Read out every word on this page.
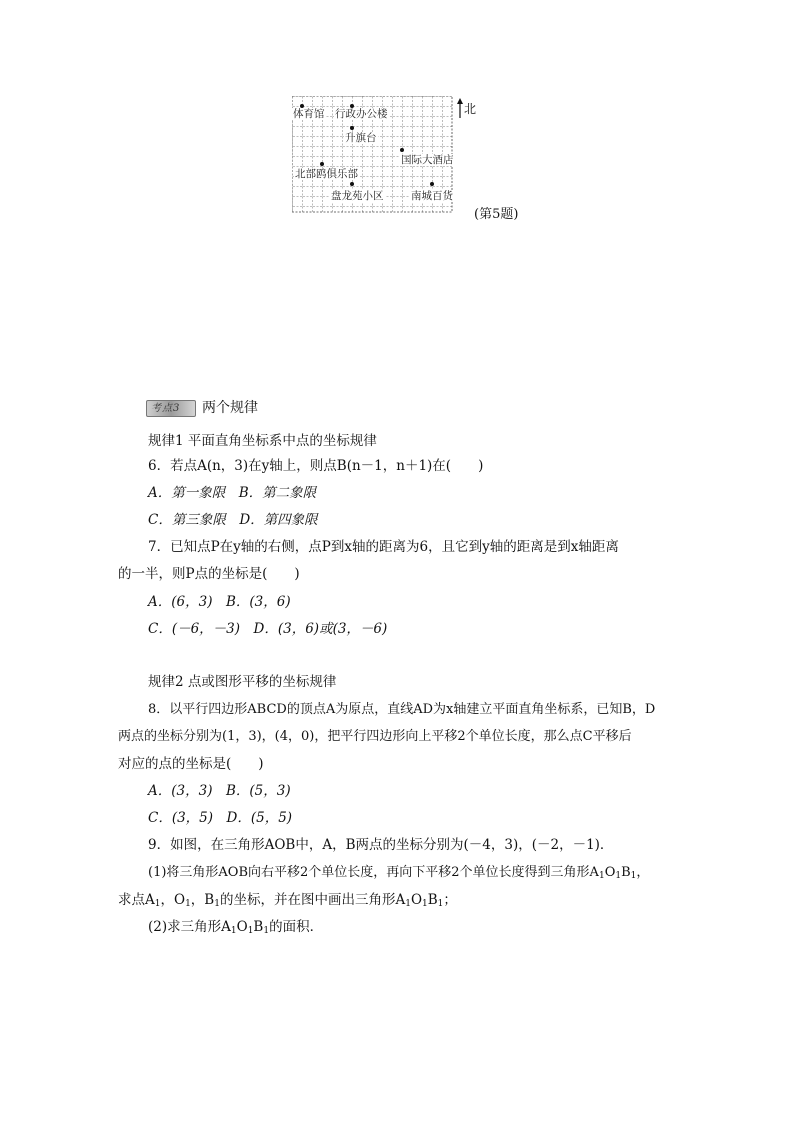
体育馆 行政办公楼
升旗台
国际大酒店
北部鸥俱乐部
盘龙苑小区	南城百货
北
(第5题)
考点3 两个规律
规律1 平面直角坐标系中点的坐标规律
6．若点A(n，3)在y轴上，则点B(n－1，n＋1)在(　　)
A．第一象限　B．第二象限
C．第三象限　D．第四象限
7．已知点P在y轴的右侧，点P到x轴的距离为6，且它到y轴的距离是到x轴距离
的一半，则P点的坐标是(　　)
A．(6，3)　B．(3，6)
C．(－6，－3)　D．(3，6)或(3，－6)
规律2 点或图形平移的坐标规律
8．以平行四边形ABCD的顶点A为原点，直线AD为x轴建立平面直角坐标系，已知B，D
两点的坐标分别为(1，3)，(4，0)，把平行四边形向上平移2个单位长度，那么点C平移后
对应的点的坐标是(　　)
A．(3，3)　B．(5，3)
C．(3，5)　D．(5，5)
9．如图，在三角形AOB中，A，B两点的坐标分别为(－4，3)，(－2，－1)．
(1)将三角形AOB向右平移2个单位长度，再向下平移2个单位长度得到三角形$A_1O_1B_1$，
求点$A_1$，$O_1$，$B_1$的坐标，并在图中画出三角形$A_1O_1B_1$；
(2)求三角形$A_1O_1B_1$的面积．
